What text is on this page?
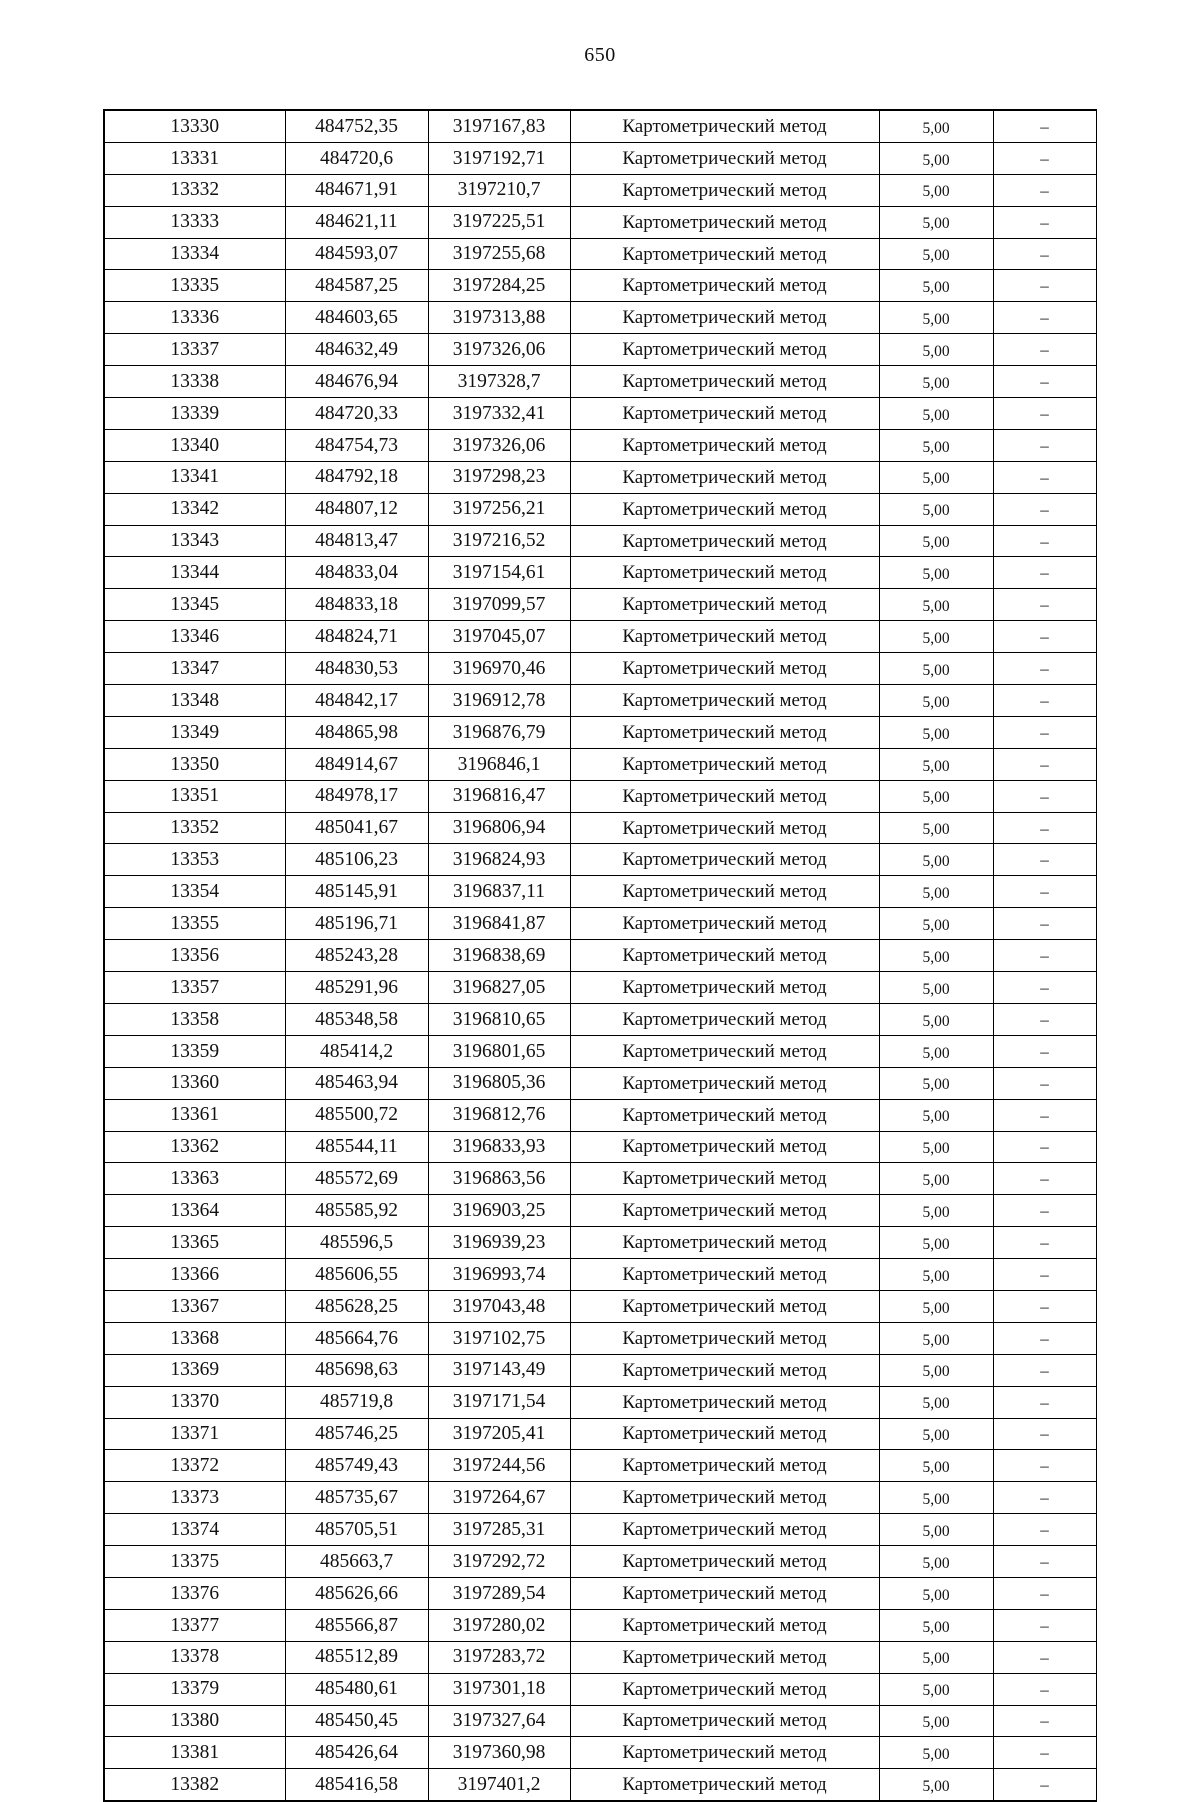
650
13330	484752,35	3197167,83	Картометрический метод	5,00	–
13331	484720,6	3197192,71	Картометрический метод	5,00	–
13332	484671,91	3197210,7	Картометрический метод	5,00	–
13333	484621,11	3197225,51	Картометрический метод	5,00	–
13334	484593,07	3197255,68	Картометрический метод	5,00	–
13335	484587,25	3197284,25	Картометрический метод	5,00	–
13336	484603,65	3197313,88	Картометрический метод	5,00	–
13337	484632,49	3197326,06	Картометрический метод	5,00	–
13338	484676,94	3197328,7	Картометрический метод	5,00	–
13339	484720,33	3197332,41	Картометрический метод	5,00	–
13340	484754,73	3197326,06	Картометрический метод	5,00	–
13341	484792,18	3197298,23	Картометрический метод	5,00	–
13342	484807,12	3197256,21	Картометрический метод	5,00	–
13343	484813,47	3197216,52	Картометрический метод	5,00	–
13344	484833,04	3197154,61	Картометрический метод	5,00	–
13345	484833,18	3197099,57	Картометрический метод	5,00	–
13346	484824,71	3197045,07	Картометрический метод	5,00	–
13347	484830,53	3196970,46	Картометрический метод	5,00	–
13348	484842,17	3196912,78	Картометрический метод	5,00	–
13349	484865,98	3196876,79	Картометрический метод	5,00	–
13350	484914,67	3196846,1	Картометрический метод	5,00	–
13351	484978,17	3196816,47	Картометрический метод	5,00	–
13352	485041,67	3196806,94	Картометрический метод	5,00	–
13353	485106,23	3196824,93	Картометрический метод	5,00	–
13354	485145,91	3196837,11	Картометрический метод	5,00	–
13355	485196,71	3196841,87	Картометрический метод	5,00	–
13356	485243,28	3196838,69	Картометрический метод	5,00	–
13357	485291,96	3196827,05	Картометрический метод	5,00	–
13358	485348,58	3196810,65	Картометрический метод	5,00	–
13359	485414,2	3196801,65	Картометрический метод	5,00	–
13360	485463,94	3196805,36	Картометрический метод	5,00	–
13361	485500,72	3196812,76	Картометрический метод	5,00	–
13362	485544,11	3196833,93	Картометрический метод	5,00	–
13363	485572,69	3196863,56	Картометрический метод	5,00	–
13364	485585,92	3196903,25	Картометрический метод	5,00	–
13365	485596,5	3196939,23	Картометрический метод	5,00	–
13366	485606,55	3196993,74	Картометрический метод	5,00	–
13367	485628,25	3197043,48	Картометрический метод	5,00	–
13368	485664,76	3197102,75	Картометрический метод	5,00	–
13369	485698,63	3197143,49	Картометрический метод	5,00	–
13370	485719,8	3197171,54	Картометрический метод	5,00	–
13371	485746,25	3197205,41	Картометрический метод	5,00	–
13372	485749,43	3197244,56	Картометрический метод	5,00	–
13373	485735,67	3197264,67	Картометрический метод	5,00	–
13374	485705,51	3197285,31	Картометрический метод	5,00	–
13375	485663,7	3197292,72	Картометрический метод	5,00	–
13376	485626,66	3197289,54	Картометрический метод	5,00	–
13377	485566,87	3197280,02	Картометрический метод	5,00	–
13378	485512,89	3197283,72	Картометрический метод	5,00	–
13379	485480,61	3197301,18	Картометрический метод	5,00	–
13380	485450,45	3197327,64	Картометрический метод	5,00	–
13381	485426,64	3197360,98	Картометрический метод	5,00	–
13382	485416,58	3197401,2	Картометрический метод	5,00	–
